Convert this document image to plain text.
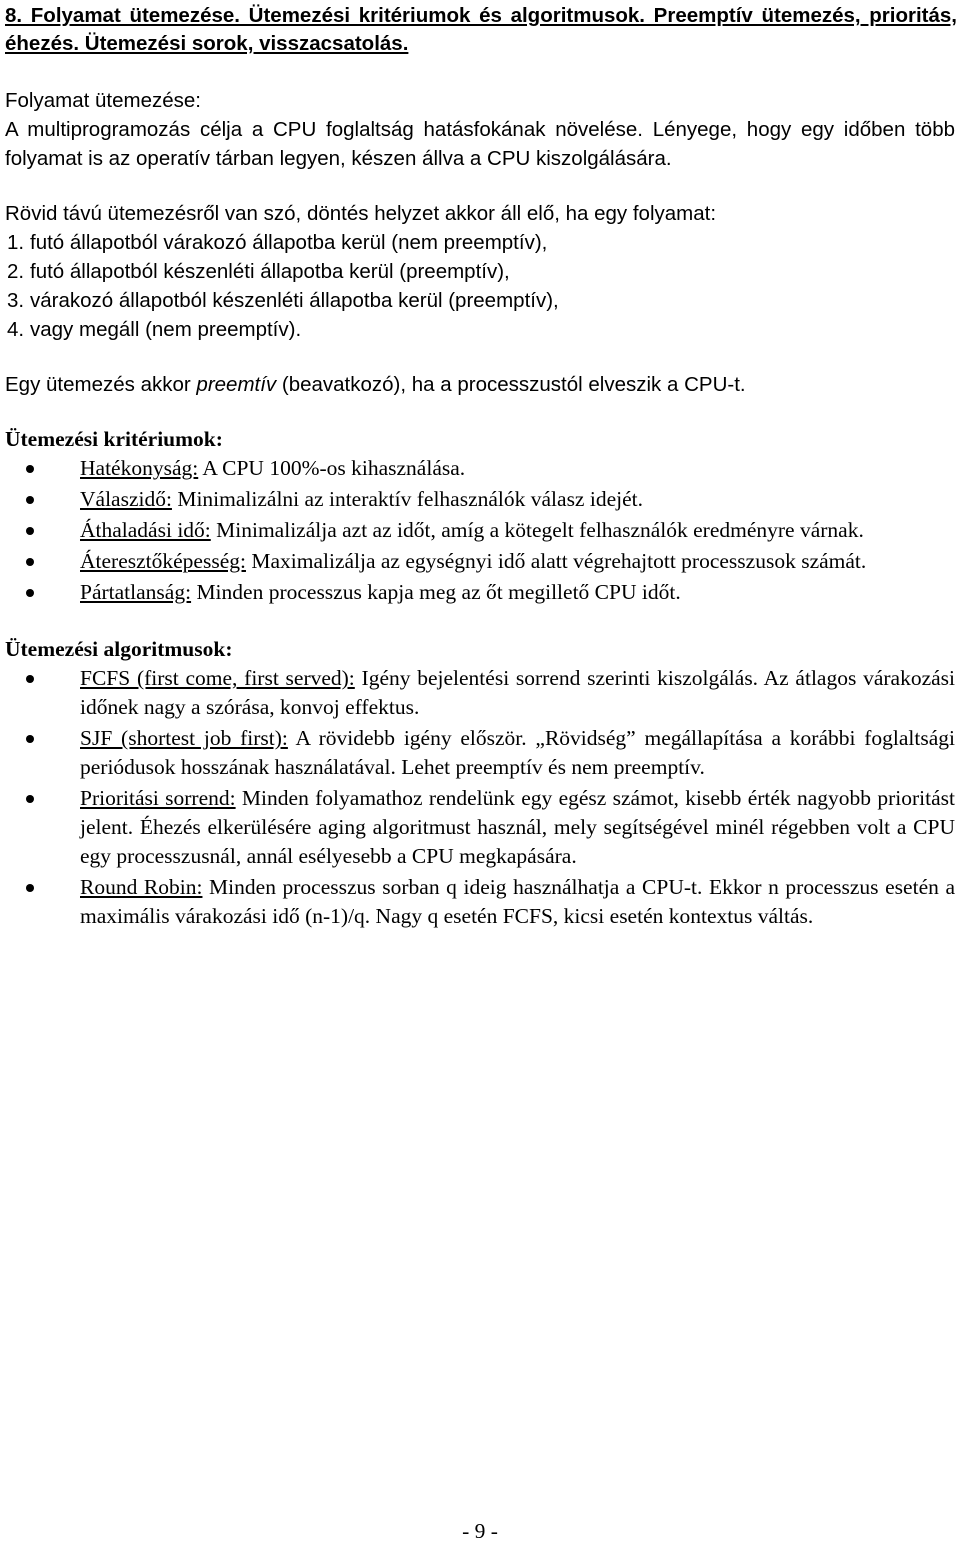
8. Folyamat ütemezése. Ütemezési kritériumok és algoritmusok. Preemptív ütemezés, prioritás, éhezés. Ütemezési sorok, visszacsatolás.

Folyamat ütemezése:

A multiprogramozás célja a CPU foglaltság hatásfokának növelése. Lényege, hogy egy időben több folyamat is az operatív tárban legyen, készen állva a CPU kiszolgálására.

Rövid távú ütemezésről van szó, döntés helyzet akkor áll elő, ha egy folyamat:

1. futó állapotból várakozó állapotba kerül (nem preemptív),
2. futó állapotból készenléti állapotba kerül (preemptív),
3. várakozó állapotból készenléti állapotba kerül (preemptív),
4. vagy megáll (nem preemptív).

Egy ütemezés akkor preemtív (beavatkozó), ha a processzustól elveszik a CPU-t.

Ütemezési kritériumok:

Hatékonyság: A CPU 100%-os kihasználása.
Válaszidő: Minimalizálni az interaktív felhasználók válasz idejét.
Áthaladási idő: Minimalizálja azt az időt, amíg a kötegelt felhasználók eredményre várnak.
Áteresztőképesség: Maximalizálja az egységnyi idő alatt végrehajtott processzusok számát.
Pártatlanság: Minden processzus kapja meg az őt megillető CPU időt.

Ütemezési algoritmusok:

FCFS (first come, first served): Igény bejelentési sorrend szerinti kiszolgálás. Az átlagos várakozási időnek nagy a szórása, konvoj effektus.
SJF (shortest job first): A rövidebb igény először. „Rövidség” megállapítása a korábbi foglaltsági periódusok hosszának használatával. Lehet preemptív és nem preemptív.
Prioritási sorrend: Minden folyamathoz rendelünk egy egész számot, kisebb érték nagyobb prioritást jelent. Éhezés elkerülésére aging algoritmust használ, mely segítségével minél régebben volt a CPU egy processzusnál, annál esélyesebb a CPU megkapására.
Round Robin: Minden processzus sorban q ideig használhatja a CPU-t. Ekkor n processzus esetén a maximális várakozási idő (n-1)/q. Nagy q esetén FCFS, kicsi esetén kontextus váltás.
- 9 -
